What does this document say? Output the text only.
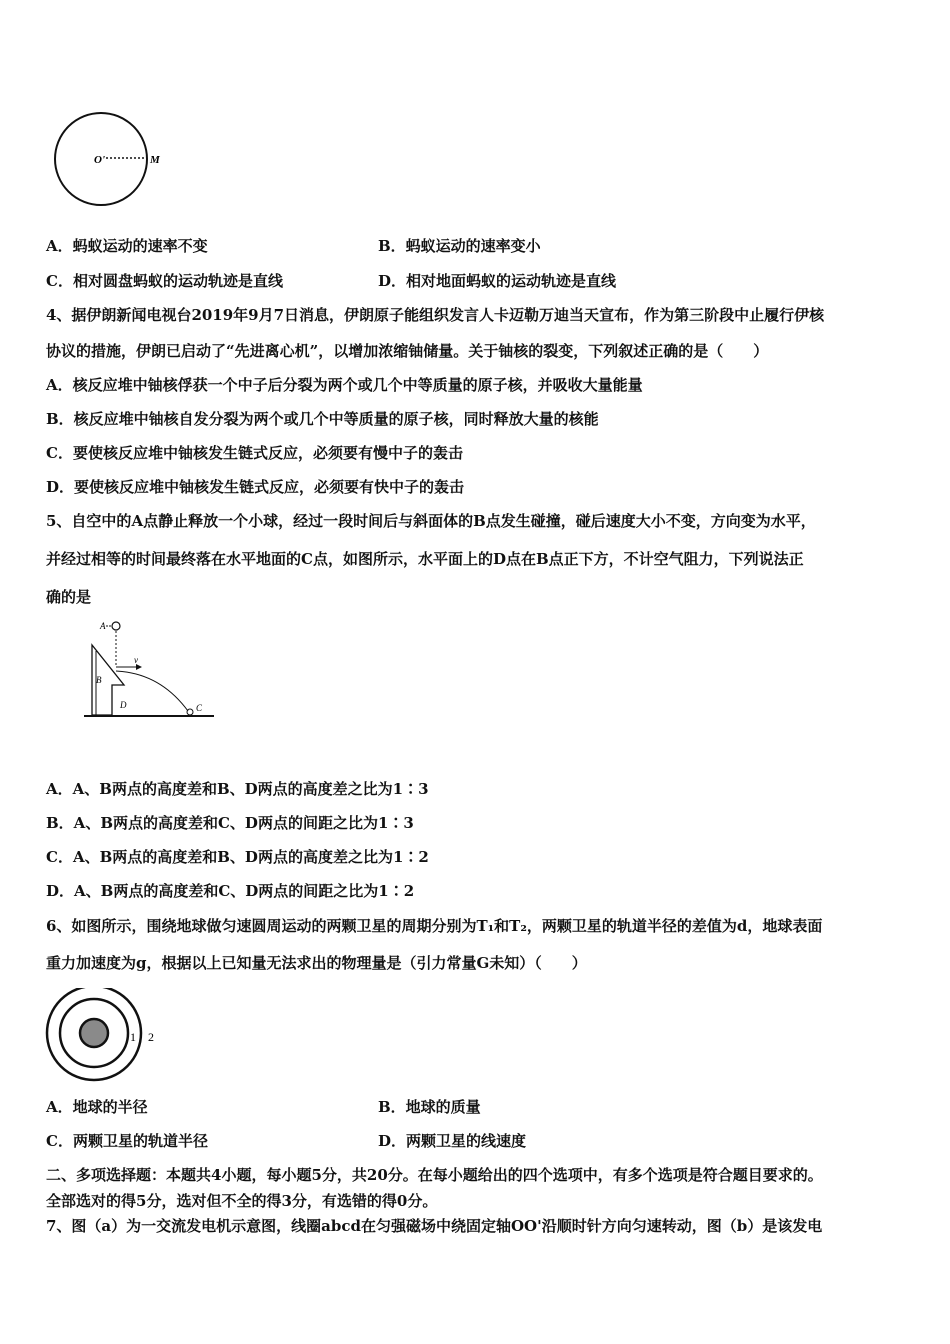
O'	M
A．蚂蚁运动的速率不变	B．蚂蚁运动的速率变小
C．相对圆盘蚂蚁的运动轨迹是直线	D．相对地面蚂蚁的运动轨迹是直线
4、据伊朗新闻电视台2019年9月7日消息，伊朗原子能组织发言人卡迈勒万迪当天宣布，作为第三阶段中止履行伊核
协议的措施，伊朗已启动了“先进离心机”，以增加浓缩铀储量。关于铀核的裂变，下列叙述正确的是（　　）
A．核反应堆中铀核俘获一个中子后分裂为两个或几个中等质量的原子核，并吸收大量能量
B．核反应堆中铀核自发分裂为两个或几个中等质量的原子核，同时释放大量的核能
C．要使核反应堆中铀核发生链式反应，必须要有慢中子的轰击
D．要使核反应堆中铀核发生链式反应，必须要有快中子的轰击
5、自空中的A点静止释放一个小球，经过一段时间后与斜面体的B点发生碰撞，碰后速度大小不变，方向变为水平，
并经过相等的时间最终落在水平地面的C点，如图所示，水平面上的D点在B点正下方，不计空气阻力，下列说法正
确的是
A
v
B
D	C
A．A、B两点的高度差和B、D两点的高度差之比为1∶3
B．A、B两点的高度差和C、D两点的间距之比为1∶3
C．A、B两点的高度差和B、D两点的高度差之比为1∶2
D．A、B两点的高度差和C、D两点的间距之比为1∶2
6、如图所示，围绕地球做匀速圆周运动的两颗卫星的周期分别为T₁和T₂，两颗卫星的轨道半径的差值为d，地球表面
重力加速度为g，根据以上已知量无法求出的物理量是（引力常量G未知）（　　）
1 2
A．地球的半径	B．地球的质量
C．两颗卫星的轨道半径	D．两颗卫星的线速度
二、多项选择题：本题共4小题，每小题5分，共20分。在每小题给出的四个选项中，有多个选项是符合题目要求的。
全部选对的得5分，选对但不全的得3分，有选错的得0分。
7、图（a）为一交流发电机示意图，线圈abcd在匀强磁场中绕固定轴OO'沿顺时针方向匀速转动，图（b）是该发电
